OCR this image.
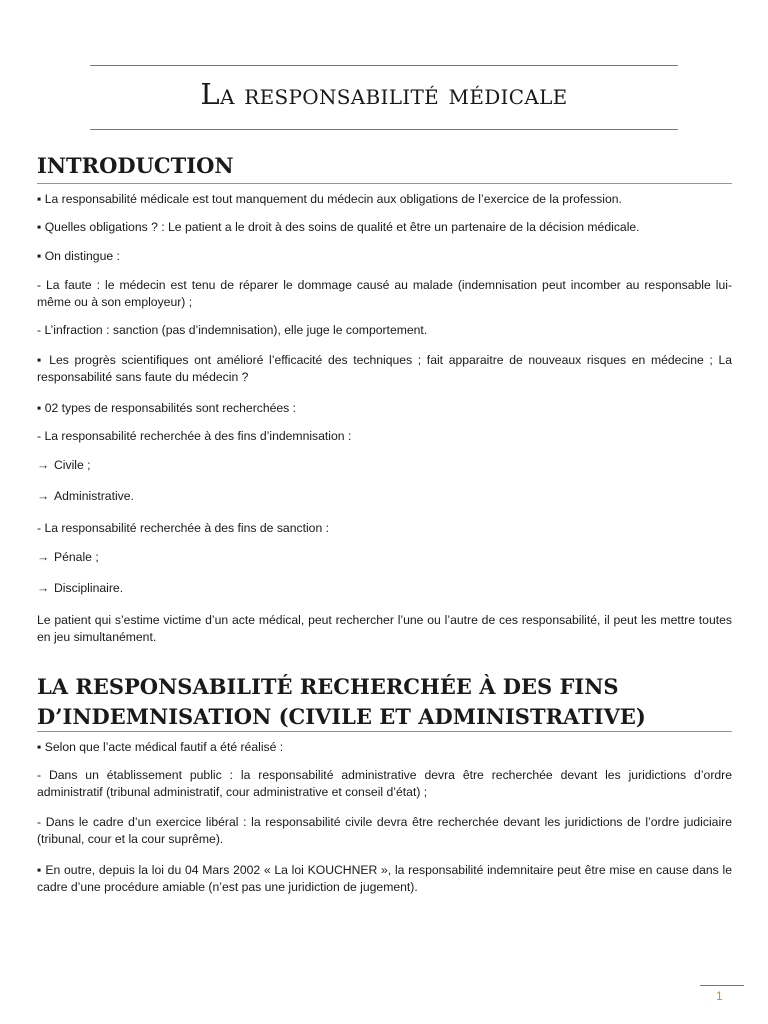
La responsabilité médicale
INTRODUCTION

▪ La responsabilité médicale est tout manquement du médecin aux obligations de l’exercice de la profession.

▪ Quelles obligations ? : Le patient a le droit à des soins de qualité et être un partenaire de la décision médicale.

▪ On distingue :

- La faute : le médecin est tenu de réparer le dommage causé au malade (indemnisation peut incomber au responsable lui-même ou à son employeur) ;

- L’infraction : sanction (pas d’indemnisation), elle juge le comportement.

▪ Les progrès scientifiques ont amélioré l’efficacité des techniques ; fait apparaitre de nouveaux risques en médecine ; La responsabilité sans faute du médecin ?

▪ 02 types de responsabilités sont recherchées :

- La responsabilité recherchée à des fins d’indemnisation :

→ Civile ;

→ Administrative.

- La responsabilité recherchée à des fins de sanction :

→ Pénale ;

→ Disciplinaire.

Le patient qui s’estime victime d’un acte médical, peut rechercher l’une ou l’autre de ces responsabilité, il peut les mettre toutes en jeu simultanément.

LA RESPONSABILITÉ RECHERCHÉE À DES FINS
D’INDEMNISATION (CIVILE ET ADMINISTRATIVE)

▪ Selon que l’acte médical fautif a été réalisé :

- Dans un établissement public : la responsabilité administrative devra être recherchée devant les juridictions d’ordre administratif (tribunal administratif, cour administrative et conseil d’état) ;

- Dans le cadre d’un exercice libéral : la responsabilité civile devra être recherchée devant les juridictions de l’ordre judiciaire (tribunal, cour et la cour suprême).

▪ En outre, depuis la loi du 04 Mars 2002 « La loi KOUCHNER », la responsabilité indemnitaire peut être mise en cause dans le cadre d’une procédure amiable (n’est pas une juridiction de jugement).

1
